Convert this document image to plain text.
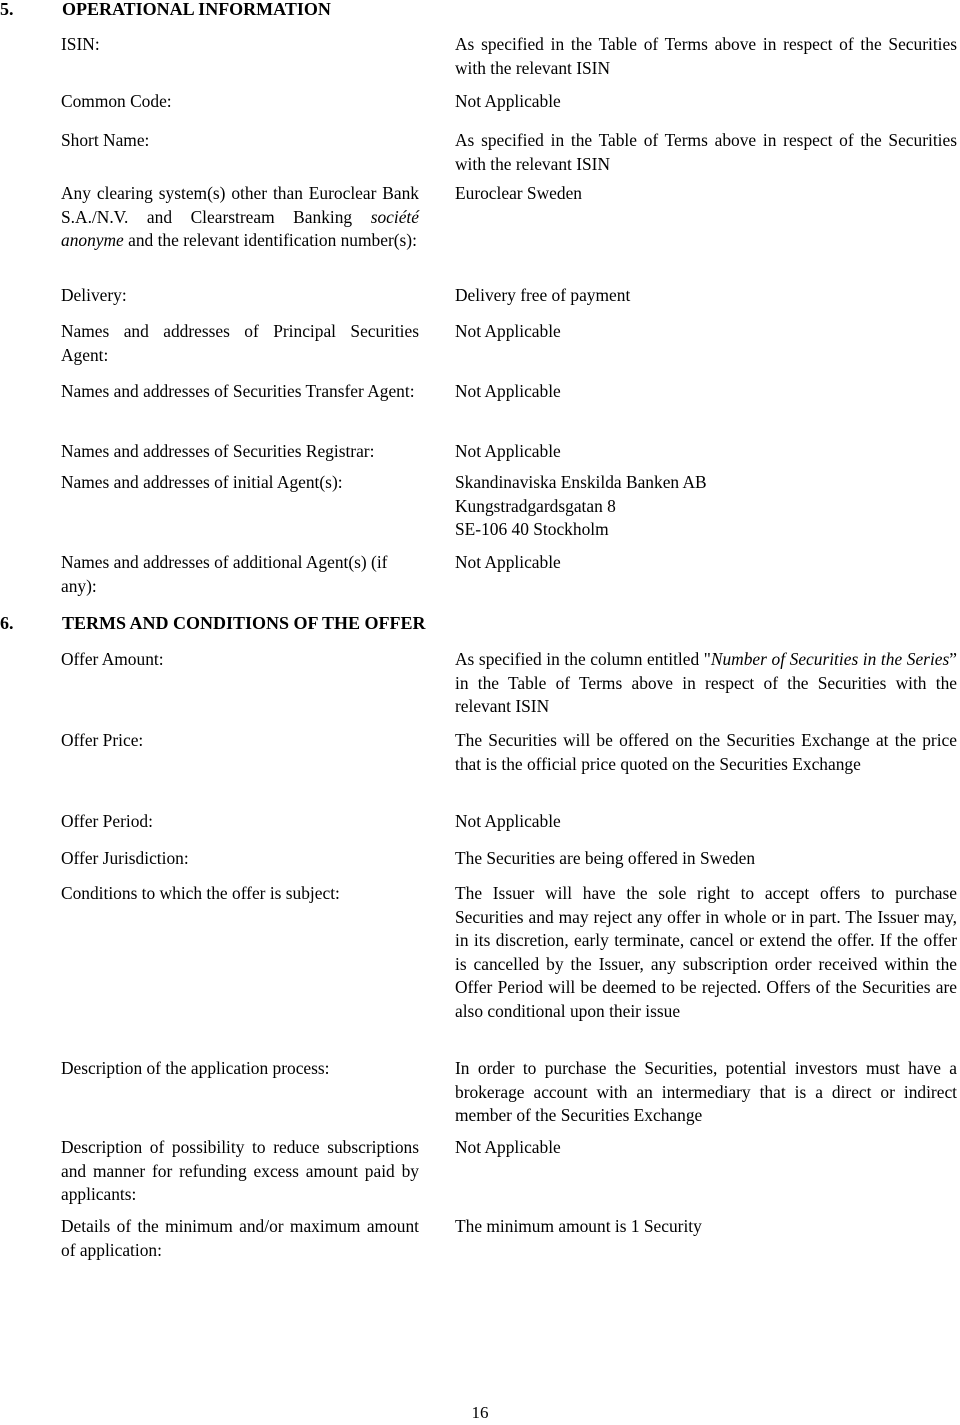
5.	OPERATIONAL INFORMATION
ISIN:	As specified in the Table of Terms above in respect of the Securities with the relevant ISIN
Common Code:	Not Applicable
Short Name:	As specified in the Table of Terms above in respect of the Securities with the relevant ISIN
Any clearing system(s) other than Euroclear Bank S.A./N.V. and Clearstream Banking société anonyme and the relevant identification number(s):
Euroclear Sweden
Delivery:	Delivery free of payment
Names and addresses of Principal Securities Agent:
Not Applicable
Names and addresses of Securities Transfer Agent: Not Applicable
Names and addresses of Securities Registrar:	Not Applicable
Names and addresses of initial Agent(s):	Skandinaviska Enskilda Banken AB
Kungstradgardsgatan 8
SE-106 40 Stockholm
Names and addresses of additional Agent(s) (if any):
Not Applicable
6.	TERMS AND CONDITIONS OF THE OFFER
Offer Amount:	As specified in the column entitled "Number of Securities in the Series” in the Table of Terms above in respect of the Securities with the relevant ISIN
Offer Price:	The Securities will be offered on the Securities Exchange at the price that is the official price quoted on the Securities Exchange
Offer Period:	Not Applicable
Offer Jurisdiction:	The Securities are being offered in Sweden
Conditions to which the offer is subject:	The Issuer will have the sole right to accept offers to purchase Securities and may reject any offer in whole or in part. The Issuer may, in its discretion, early terminate, cancel or extend the offer. If the offer is cancelled by the Issuer, any subscription order received within the Offer Period will be deemed to be rejected. Offers of the Securities are also conditional upon their issue
Description of the application process:	In order to purchase the Securities, potential investors must have a brokerage account with an intermediary that is a direct or indirect member of the Securities Exchange
Description of possibility to reduce subscriptions and manner for refunding excess amount paid by applicants:
Not Applicable
Details of the minimum and/or maximum amount of application:
The minimum amount is 1 Security
16
